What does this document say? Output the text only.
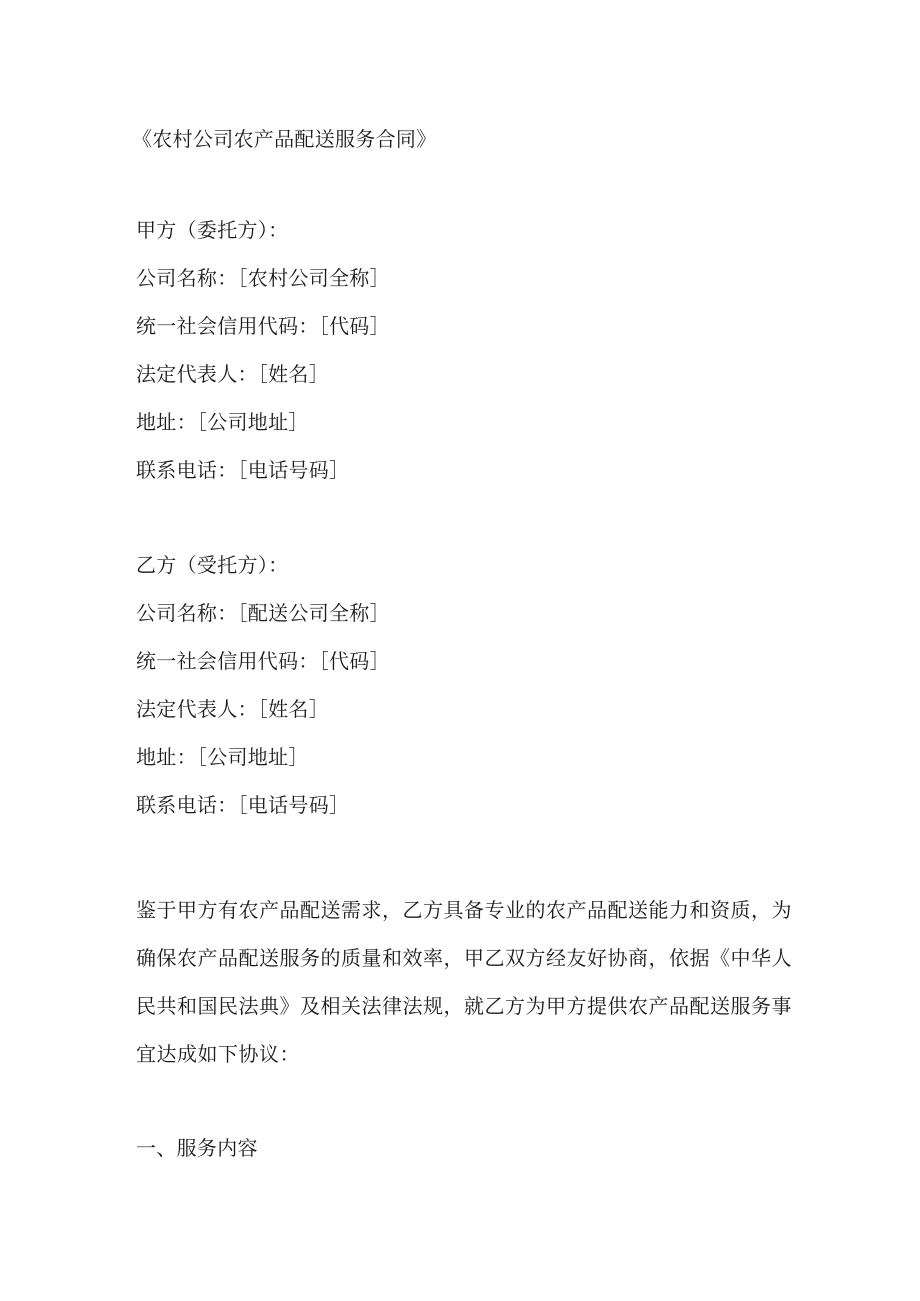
《农村公司农产品配送服务合同》
甲方（委托方）：
公司名称：［农村公司全称］
统一社会信用代码：［代码］
法定代表人：［姓名］
地址：［公司地址］
联系电话：［电话号码］
乙方（受托方）：
公司名称：［配送公司全称］
统一社会信用代码：［代码］
法定代表人：［姓名］
地址：［公司地址］
联系电话：［电话号码］
鉴于甲方有农产品配送需求，乙方具备专业的农产品配送能力和资质，为
确保农产品配送服务的质量和效率，甲乙双方经友好协商，依据《中华人
民共和国民法典》及相关法律法规，就乙方为甲方提供农产品配送服务事
宜达成如下协议：
一、服务内容
